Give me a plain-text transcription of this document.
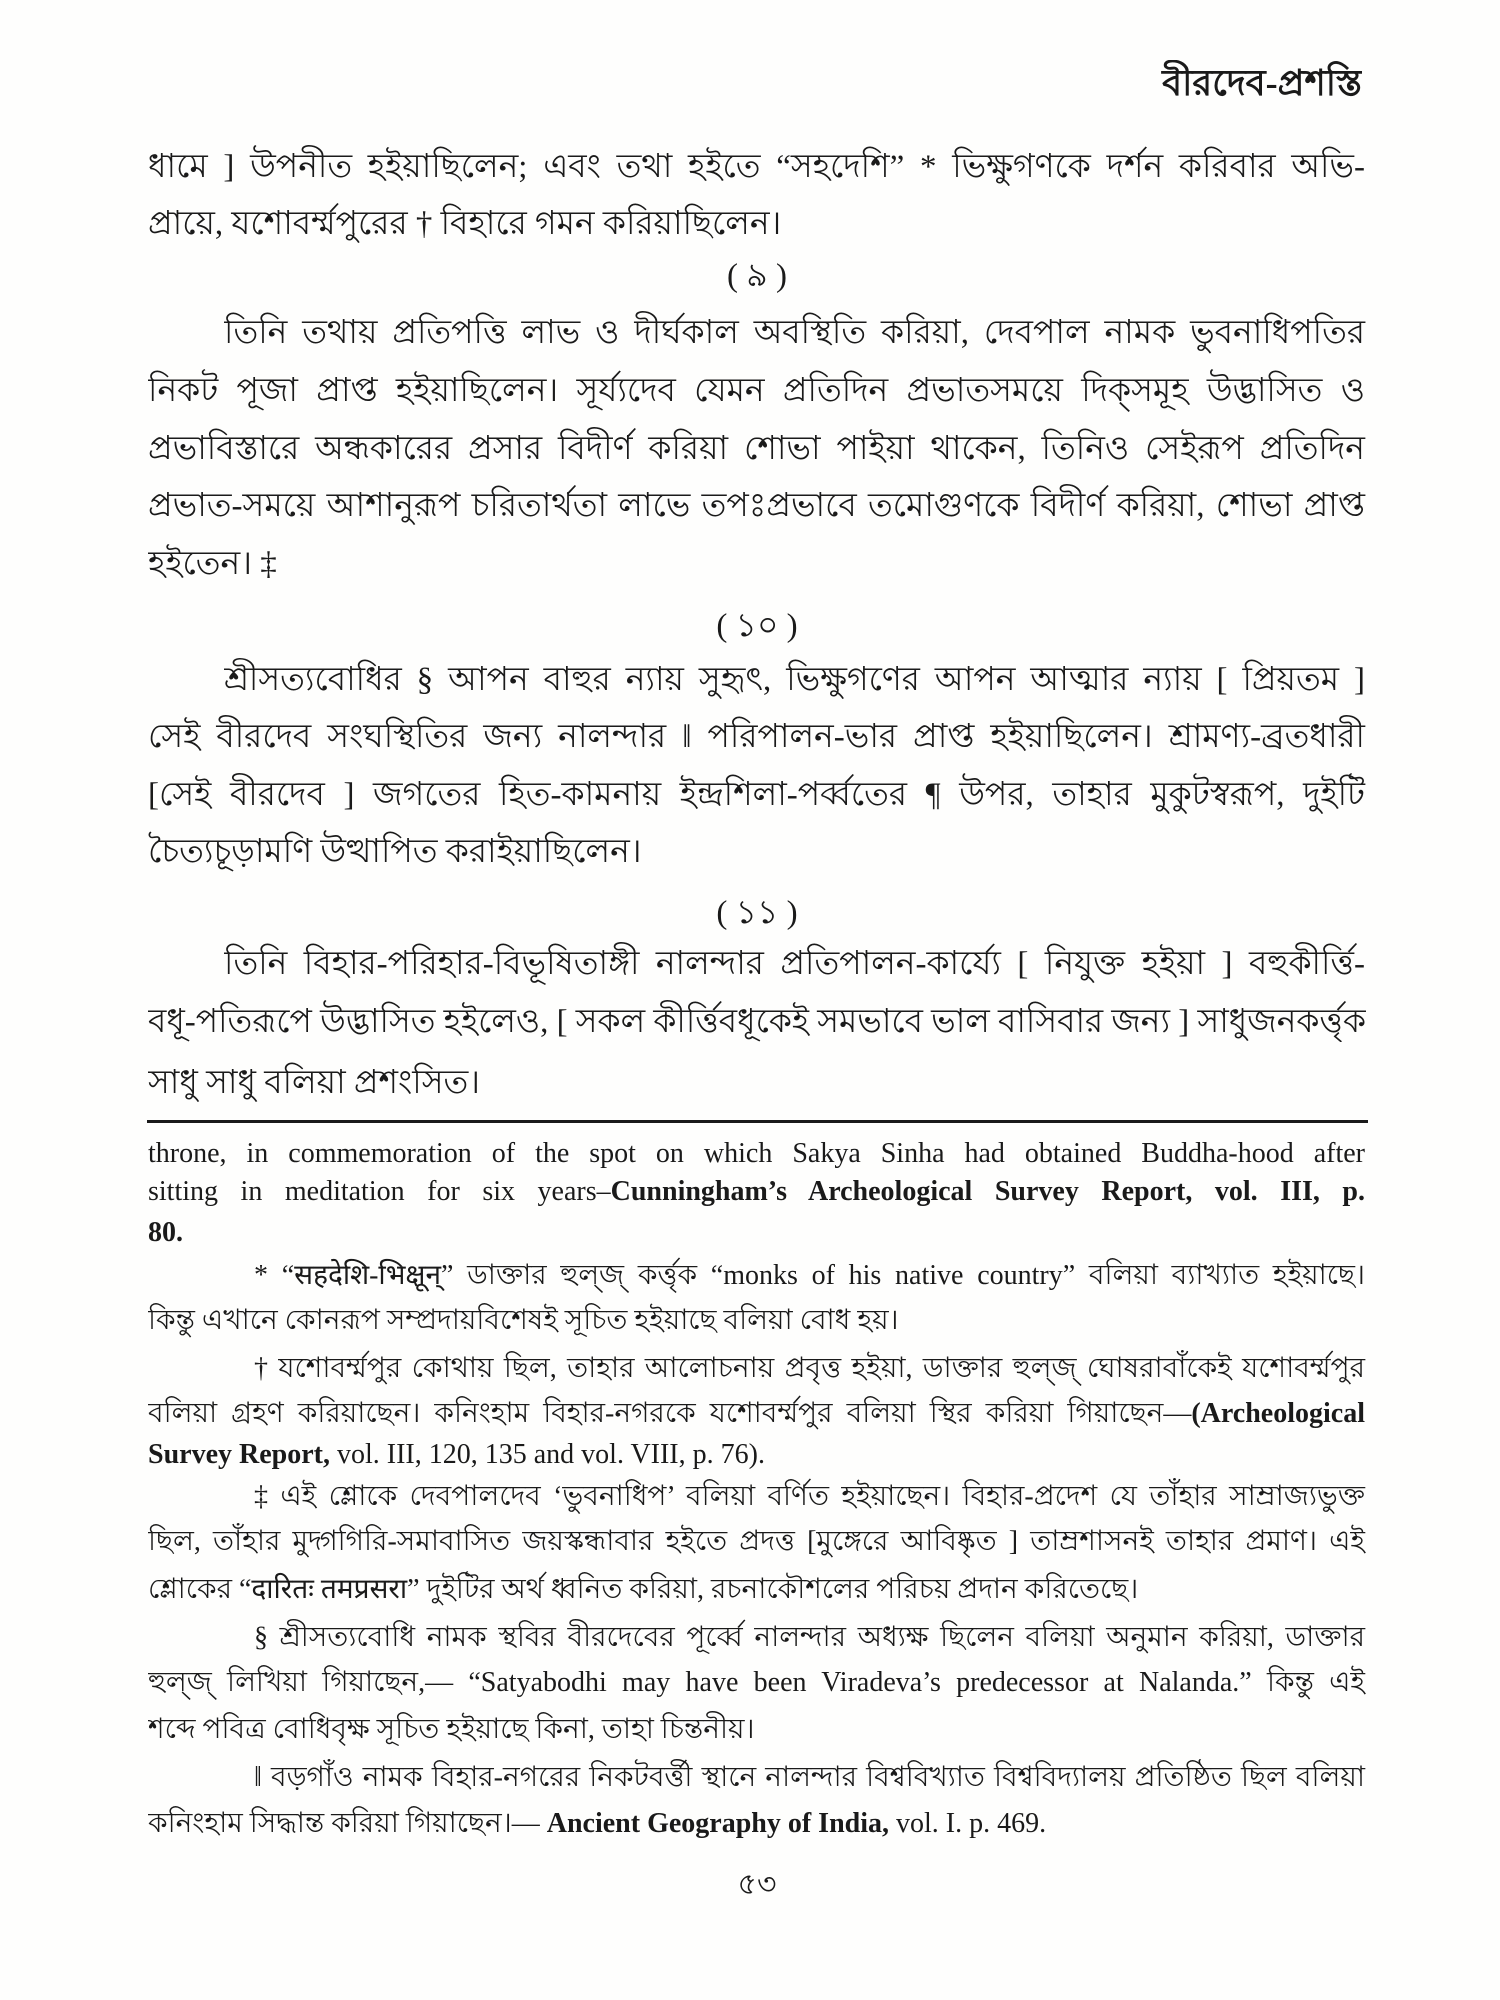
বীরদেব-প্রশস্তি
ধামে ] উপনীত হইয়াছিলেন; এবং তথা হইতে “সহদেশি” * ভিক্ষুগণকে দর্শন করিবার অভি-
প্রায়ে, যশোবর্ম্মপুরের † বিহারে গমন করিয়াছিলেন।
( ৯ )
তিনি তথায় প্রতিপত্তি লাভ ও দীর্ঘকাল অবস্থিতি করিয়া, দেবপাল নামক ভুবনাধিপতির
নিকট পূজা প্রাপ্ত হইয়াছিলেন। সূর্য্যদেব যেমন প্রতিদিন প্রভাতসময়ে দিক্‌সমূহ উদ্ভাসিত ও
প্রভাবিস্তারে অন্ধকারের প্রসার বিদীর্ণ করিয়া শোভা পাইয়া থাকেন, তিনিও সেইরূপ প্রতিদিন
প্রভাত-সময়ে আশানুরূপ চরিতার্থতা লাভে তপঃপ্রভাবে তমোগুণকে বিদীর্ণ করিয়া, শোভা প্রাপ্ত
হইতেন। ‡
( ১০ )
শ্রীসত্যবোধির § আপন বাহুর ন্যায় সুহৃৎ, ভিক্ষুগণের আপন আত্মার ন্যায় [ প্রিয়তম ]
সেই বীরদেব সংঘস্থিতির জন্য নালন্দার ‖ পরিপালন-ভার প্রাপ্ত হইয়াছিলেন। শ্রামণ্য-ব্রতধারী
[সেই বীরদেব ] জগতের হিত-কামনায় ইন্দ্রশিলা-পর্ব্বতের ¶ উপর, তাহার মুকুটস্বরূপ, দুইটি
চৈত্যচূড়ামণি উত্থাপিত করাইয়াছিলেন।
( ১১ )
তিনি বিহার-পরিহার-বিভূষিতাঙ্গী নালন্দার প্রতিপালন-কার্য্যে [ নিযুক্ত হইয়া ] বহুকীর্ত্তি-
বধূ-পতিরূপে উদ্ভাসিত হইলেও, [ সকল কীর্ত্তিবধূকেই সমভাবে ভাল বাসিবার জন্য ] সাধুজনকর্ত্তৃক
সাধু সাধু বলিয়া প্রশংসিত।
throne, in commemoration of the spot on which Sakya Sinha had obtained Buddha-hood after
sitting in meditation for six years–Cunningham’s Archeological Survey Report, vol. III, p.
80.
* “सहदेशि-भिक्षून्” ডাক্তার হুল্‌জ্‌ কর্ত্তৃক “monks of his native country” বলিয়া ব্যাখ্যাত হইয়াছে।
কিন্তু এখানে কোনরূপ সম্প্রদায়বিশেষই সূচিত হইয়াছে বলিয়া বোধ হয়।
† যশোবর্ম্মপুর কোথায় ছিল, তাহার আলোচনায় প্রবৃত্ত হইয়া, ডাক্তার হুল্‌জ্‌ ঘোষরাবাঁকেই যশোবর্ম্মপুর
বলিয়া গ্রহণ করিয়াছেন। কনিংহাম বিহার-নগরকে যশোবর্ম্মপুর বলিয়া স্থির করিয়া গিয়াছেন—(Archeological
Survey Report, vol. III, 120, 135 and vol. VIII, p. 76).
‡ এই শ্লোকে দেবপালদেব ‘ভুবনাধিপ’ বলিয়া বর্ণিত হইয়াছেন। বিহার-প্রদেশ যে তাঁহার সাম্রাজ্যভুক্ত
ছিল, তাঁহার মুদ্গগিরি-সমাবাসিত জয়স্কন্ধাবার হইতে প্রদত্ত [মুঙ্গেরে আবিষ্কৃত ] তাম্রশাসনই তাহার প্রমাণ। এই
শ্লোকের “दारितः तमप्रसरा” দুইটির অর্থ ধ্বনিত করিয়া, রচনাকৌশলের পরিচয় প্রদান করিতেছে।
§ শ্রীসত্যবোধি নামক স্থবির বীরদেবের পূর্ব্বে নালন্দার অধ্যক্ষ ছিলেন বলিয়া অনুমান করিয়া, ডাক্তার
হুল্‌জ্‌ লিখিয়া গিয়াছেন,— “Satyabodhi may have been Viradeva’s predecessor at Nalanda.” কিন্তু এই
শব্দে পবিত্র বোধিবৃক্ষ সূচিত হইয়াছে কিনা, তাহা চিন্তনীয়।
‖ বড়গাঁও নামক বিহার-নগরের নিকটবর্ত্তী স্থানে নালন্দার বিশ্ববিখ্যাত বিশ্ববিদ্যালয় প্রতিষ্ঠিত ছিল বলিয়া
কনিংহাম সিদ্ধান্ত করিয়া গিয়াছেন।— Ancient Geography of India, vol. I. p. 469.
৫৩
